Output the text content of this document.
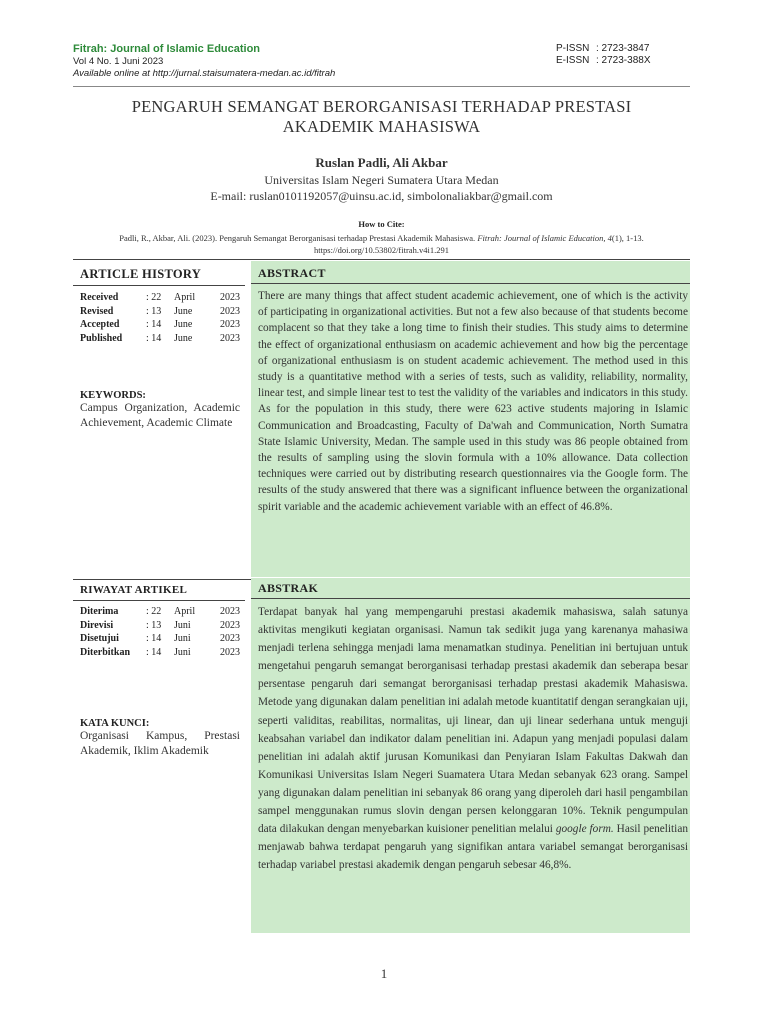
Fitrah: Journal of Islamic Education
Vol 4 No. 1 Juni 2023
Available online at http://jurnal.staisumatera-medan.ac.id/fitrah
P-ISSN : 2723-3847
E-ISSN : 2723-388X
PENGARUH SEMANGAT BERORGANISASI TERHADAP PRESTASI
AKADEMIK MAHASISWA
Ruslan Padli, Ali Akbar
Universitas Islam Negeri Sumatera Utara Medan
E-mail: ruslan0101192057@uinsu.ac.id, simbolonaliakbar@gmail.com
How to Cite:
Padli, R., Akbar, Ali. (2023). Pengaruh Semangat Berorganisasi terhadap Prestasi Akademik Mahasiswa. Fitrah: Journal of Islamic Education, 4(1), 1-13. https://doi.org/10.53802/fitrah.v4i1.291
ARTICLE HISTORY
Received	: 22	April	2023
Revised	: 13	June	2023
Accepted	: 14	June	2023
Published	: 14	June	2023
KEYWORDS:
Campus Organization, Academic Achievement, Academic Climate
ABSTRACT
There are many things that affect student academic achievement, one of which is the activity of participating in organizational activities. But not a few also because of that students become complacent so that they take a long time to finish their studies. This study aims to determine the effect of organizational enthusiasm on academic achievement and how big the percentage of organizational enthusiasm is on student academic achievement. The method used in this study is a quantitative method with a series of tests, such as validity, reliability, normality, linear test, and simple linear test to test the validity of the variables and indicators in this study. As for the population in this study, there were 623 active students majoring in Islamic Communication and Broadcasting, Faculty of Da'wah and Communication, North Sumatra State Islamic University, Medan. The sample used in this study was 86 people obtained from the results of sampling using the slovin formula with a 10% allowance. Data collection techniques were carried out by distributing research questionnaires via the Google form. The results of the study answered that there was a significant influence between the organizational spirit variable and the academic achievement variable with an effect of 46.8%.
RIWAYAT ARTIKEL
Diterima	: 22	April	2023
Direvisi	: 13	Juni	2023
Disetujui	: 14	Juni	2023
Diterbitkan	: 14	Juni	2023
KATA KUNCI:
Organisasi Kampus, Prestasi Akademik, Iklim Akademik
ABSTRAK
Terdapat banyak hal yang mempengaruhi prestasi akademik mahasiswa, salah satunya aktivitas mengikuti kegiatan organisasi. Namun tak sedikit juga yang karenanya mahasiwa menjadi terlena sehingga menjadi lama menamatkan studinya. Penelitian ini bertujuan untuk mengetahui pengaruh semangat berorganisasi terhadap prestasi akademik dan seberapa besar persentase pengaruh dari semangat berorganisasi terhadap prestasi akademik Mahasiswa. Metode yang digunakan dalam penelitian ini adalah metode kuantitatif dengan serangkaian uji, seperti validitas, reabilitas, normalitas, uji linear, dan uji linear sederhana untuk menguji keabsahan variabel dan indikator dalam penelitian ini. Adapun yang menjadi populasi dalam penelitian ini adalah aktif jurusan Komunikasi dan Penyiaran Islam Fakultas Dakwah dan Komunikasi Universitas Islam Negeri Suamatera Utara Medan sebanyak 623 orang. Sampel yang digunakan dalam penelitian ini sebanyak 86 orang yang diperoleh dari hasil pengambilan sampel menggunakan rumus slovin dengan persen kelonggaran 10%. Teknik pengumpulan data dilakukan dengan menyebarkan kuisioner penelitian melalui google form. Hasil penelitian menjawab bahwa terdapat pengaruh yang signifikan antara variabel semangat berorganisasi terhadap variabel prestasi akademik dengan pengaruh sebesar 46,8%.
1
